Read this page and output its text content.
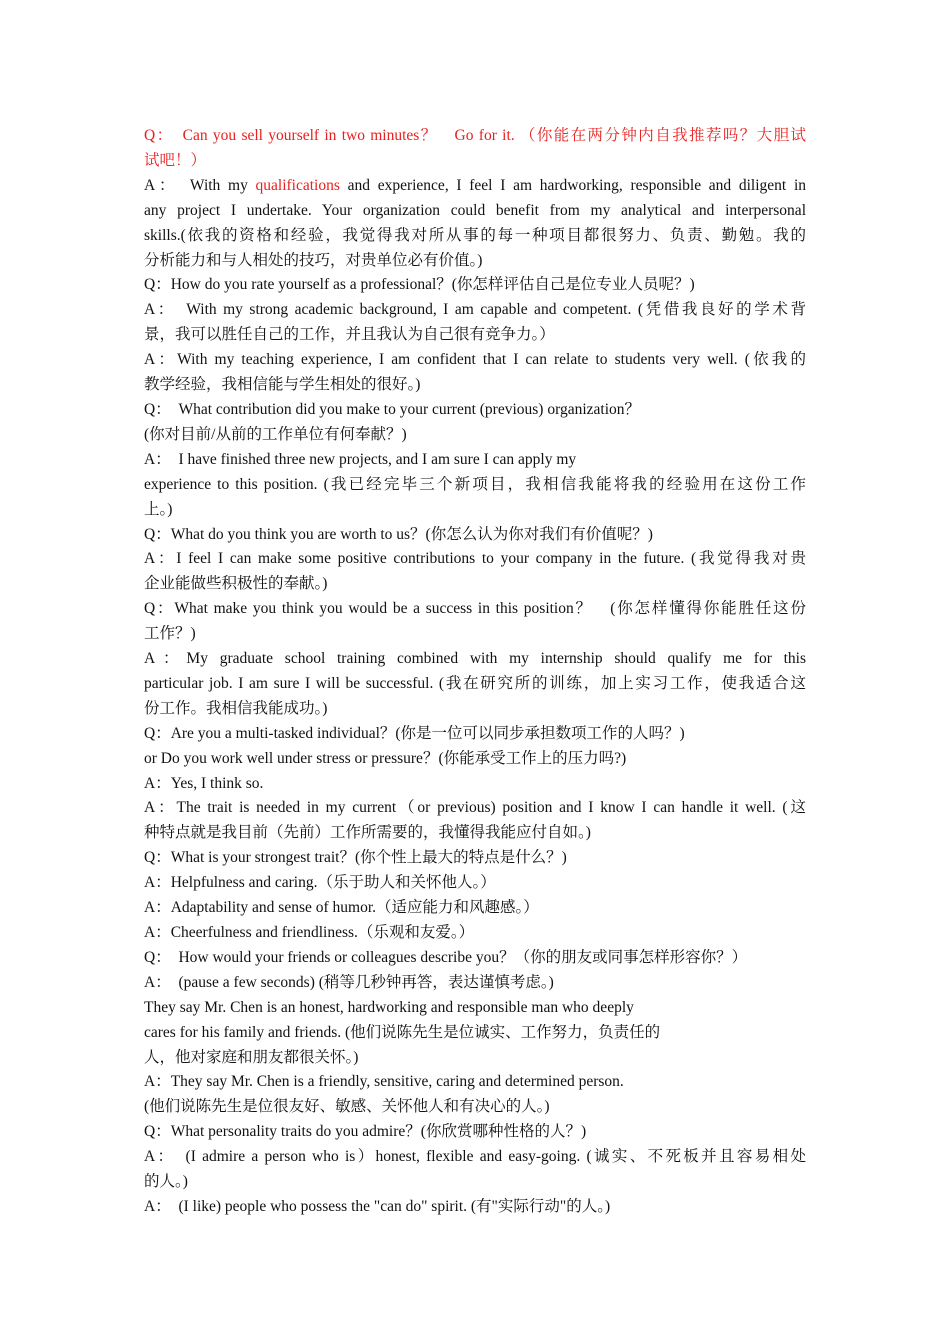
Q：　Can you sell yourself in two minutes？　Go for it. （你能在两分钟内自我推荐吗？大胆试

试吧！）

A：　With my qualifications and experience, I feel I am hardworking, responsible and diligent in

any project I undertake. Your organization could benefit from my analytical and interpersonal

skills.(依我的资格和经验，我觉得我对所从事的每一种项目都很努力、负责、勤勉。我的

分析能力和与人相处的技巧，对贵单位必有价值。)

Q：How do you rate yourself as a professional？(你怎样评估自己是位专业人员呢？)

A：　With my strong academic background, I am capable and competent. (凭借我良好的学术背

景，我可以胜任自己的工作，并且我认为自己很有竞争力。）

A：With my teaching experience, I am confident that I can relate to students very well. (依我的

教学经验，我相信能与学生相处的很好。)

Q：　What contribution did you make to your current (previous) organization？

(你对目前/从前的工作单位有何奉献？)

A：　I have finished three new projects, and I am sure I can apply my

experience to this position. (我已经完毕三个新项目，我相信我能将我的经验用在这份工作

上。)

Q：What do you think you are worth to us？(你怎么认为你对我们有价值呢？)

A：I feel I can make some positive contributions to your company in the future. (我觉得我对贵

企业能做些积极性的奉献。)

Q：What make you think you would be a success in this position？　(你怎样懂得你能胜任这份

工作？)

A：My graduate school training combined with my internship should qualify me for this

particular job. I am sure I will be successful. (我在研究所的训练，加上实习工作，使我适合这

份工作。我相信我能成功。)

Q：Are you a multi-tasked individual？(你是一位可以同步承担数项工作的人吗？)

or Do you work well under stress or pressure？(你能承受工作上的压力吗?)

A：Yes, I think so.

A：The trait is needed in my current（or previous) position and I know I can handle it well. (这

种特点就是我目前（先前）工作所需要的，我懂得我能应付自如。)

Q：What is your strongest trait？(你个性上最大的特点是什么？)

A：Helpfulness and caring.（乐于助人和关怀他人。）

A：Adaptability and sense of humor.（适应能力和风趣感。）

A：Cheerfulness and friendliness.（乐观和友爱。）

Q：　How would your friends or colleagues describe you？（你的朋友或同事怎样形容你？）

A：　(pause a few seconds) (稍等几秒钟再答，表达谨慎考虑。)

They say Mr. Chen is an honest, hardworking and responsible man who deeply

cares for his family and friends. (他们说陈先生是位诚实、工作努力，负责任的

人，他对家庭和朋友都很关怀。)

A：They say Mr. Chen is a friendly, sensitive, caring and determined person.

(他们说陈先生是位很友好、敏感、关怀他人和有决心的人。)

Q：What personality traits do you admire？(你欣赏哪种性格的人？)

A：　(I admire a person who is）honest, flexible and easy-going. (诚实、不死板并且容易相处

的人。)

A：　(I like) people who possess the "can do" spirit. (有"实际行动"的人。)
